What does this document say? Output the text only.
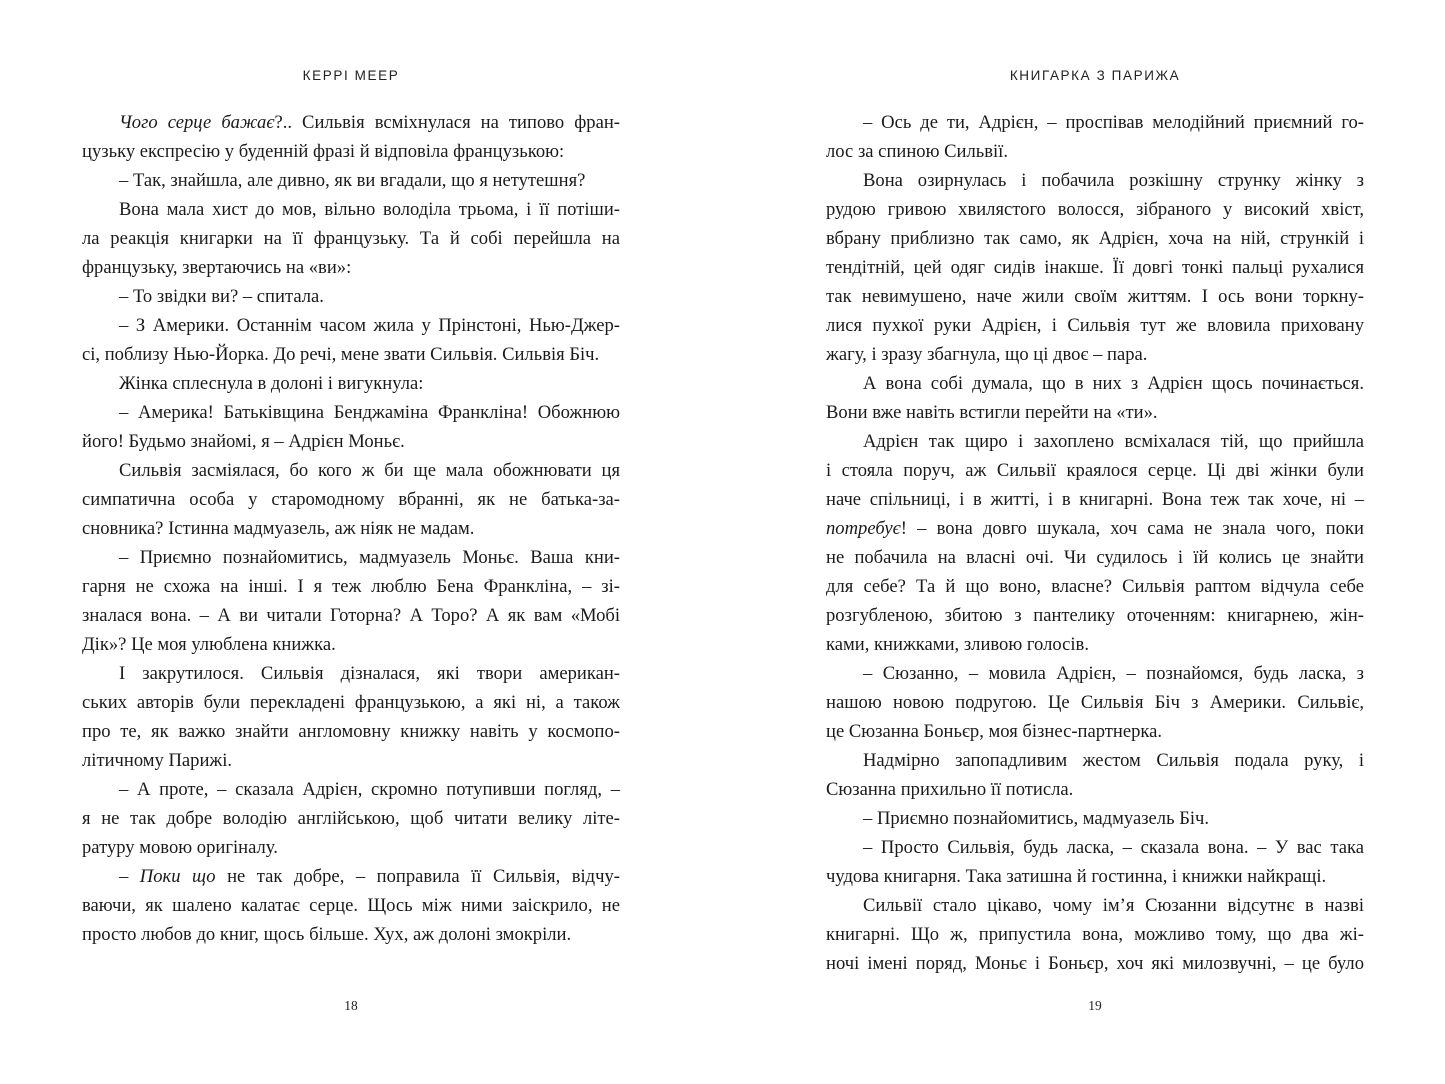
КЕРРІ МЕЕР
Чого серце бажає?.. Сильвія всміхнулася на типово фран-
цузьку експресію у буденній фразі й відповіла французькою:
– Так, знайшла, але дивно, як ви вгадали, що я нетутешня?
Вона мала хист до мов, вільно володіла трьома, і її потіши-
ла реакція книгарки на її французьку. Та й собі перейшла на
французьку, звертаючись на «ви»:
– То звідки ви? – спитала.
– З Америки. Останнім часом жила у Прінстоні, Нью-Джер-
сі, поблизу Нью-Йорка. До речі, мене звати Сильвія. Сильвія Біч.
Жінка сплеснула в долоні і вигукнула:
– Америка! Батьківщина Бенджаміна Франкліна! Обожнюю
його! Будьмо знайомі, я – Адрієн Моньє.
Сильвія засміялася, бо кого ж би ще мала обожнювати ця
симпатична особа у старомодному вбранні, як не батька-за-
сновника? Істинна мадмуазель, аж ніяк не мадам.
– Приємно познайомитись, мадмуазель Моньє. Ваша кни-
гарня не схожа на інші. І я теж люблю Бена Франкліна, – зі-
зналася вона. – А ви читали Готорна? А Торо? А як вам «Мобі
Дік»? Це моя улюблена книжка.
І закрутилося. Сильвія дізналася, які твори американ-
ських авторів були перекладені французькою, а які ні, а також
про те, як важко знайти англомовну книжку навіть у космопо-
літичному Парижі.
– А проте, – сказала Адрієн, скромно потупивши погляд, –
я не так добре володію англійською, щоб читати велику літе-
ратуру мовою оригіналу.
– Поки що не так добре, – поправила її Сильвія, відчу-
ваючи, як шалено калатає серце. Щось між ними заіскрило, не
просто любов до книг, щось більше. Хух, аж долоні змокріли.
18
КНИГАРКА З ПАРИЖА
– Ось де ти, Адрієн, – проспівав мелодійний приємний го-
лос за спиною Сильвії.
Вона озирнулась і побачила розкішну струнку жінку з
рудою гривою хвилястого волосся, зібраного у високий хвіст,
вбрану приблизно так само, як Адрієн, хоча на ній, стрункій і
тендітній, цей одяг сидів інакше. Її довгі тонкі пальці рухалися
так невимушено, наче жили своїм життям. І ось вони торкну-
лися пухкої руки Адрієн, і Сильвія тут же вловила приховану
жагу, і зразу збагнула, що ці двоє – пара.
А вона собі думала, що в них з Адрієн щось починається.
Вони вже навіть встигли перейти на «ти».
Адрієн так щиро і захоплено всміхалася тій, що прийшла
і стояла поруч, аж Сильвії краялося серце. Ці дві жінки були
наче спільниці, і в житті, і в книгарні. Вона теж так хоче, ні –
потребує! – вона довго шукала, хоч сама не знала чого, поки
не побачила на власні очі. Чи судилось і їй колись це знайти
для себе? Та й що воно, власне? Сильвія раптом відчула себе
розгубленою, збитою з пантелику оточенням: книгарнею, жін-
ками, книжками, зливою голосів.
– Сюзанно, – мовила Адрієн, – познайомся, будь ласка, з
нашою новою подругою. Це Сильвія Біч з Америки. Сильвіє,
це Сюзанна Боньєр, моя бізнес-партнерка.
Надмірно запопадливим жестом Сильвія подала руку, і
Сюзанна прихильно її потисла.
– Приємно познайомитись, мадмуазель Біч.
– Просто Сильвія, будь ласка, – сказала вона. – У вас така
чудова книгарня. Така затишна й гостинна, і книжки найкращі.
Сильвії стало цікаво, чому ім’я Сюзанни відсутнє в назві
книгарні. Що ж, припустила вона, можливо тому, що два жі-
ночі імені поряд, Моньє і Боньєр, хоч які милозвучні, – це було
19
